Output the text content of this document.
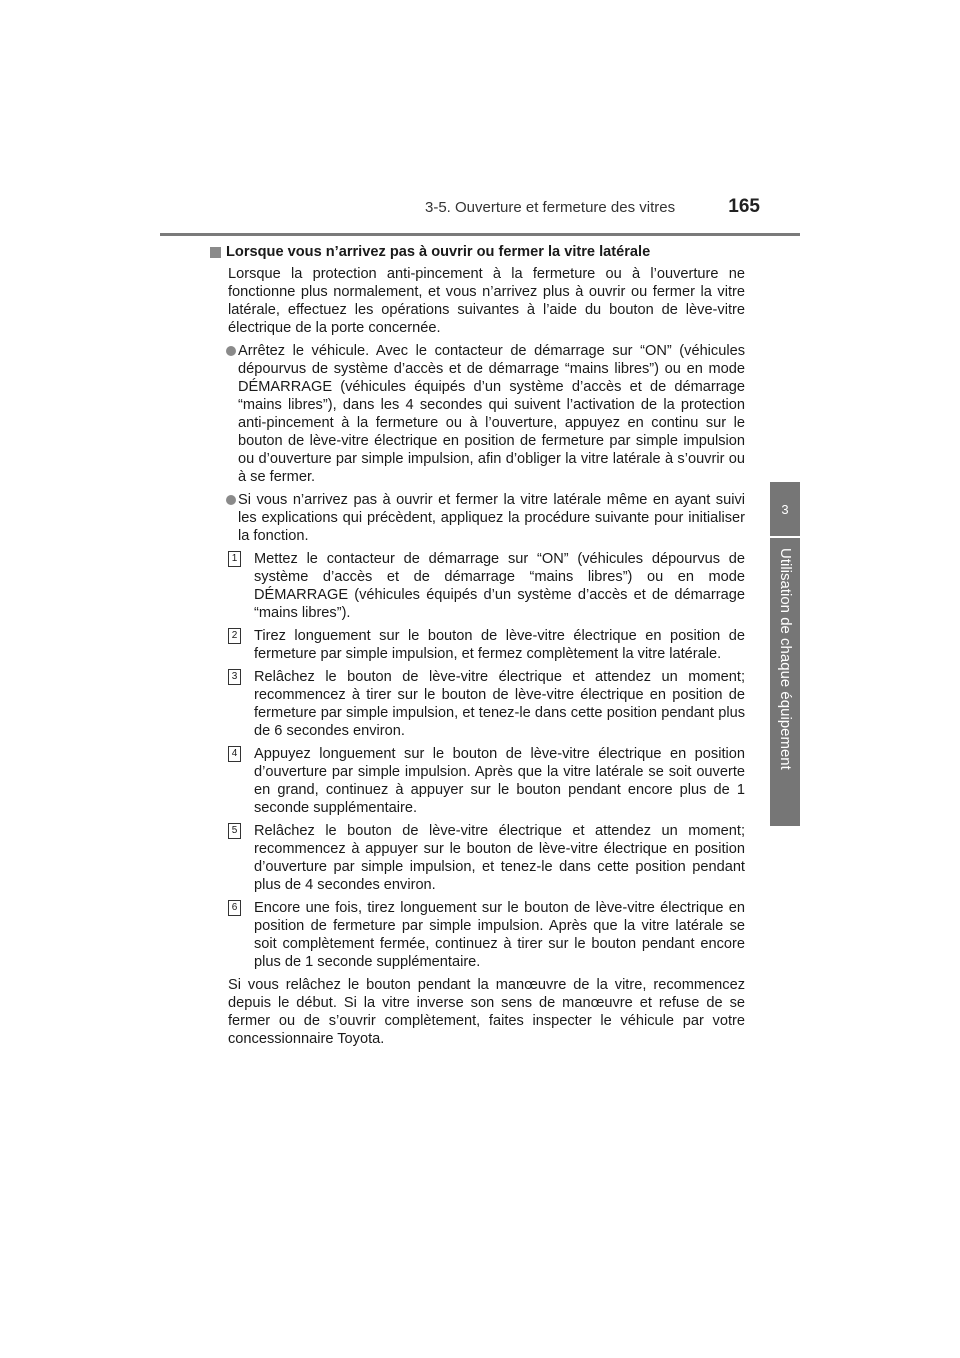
3-5. Ouverture et fermeture des vitres	165
3
Utilisation de chaque équipement
Lorsque vous n’arrivez pas à ouvrir ou fermer la vitre latérale

Lorsque la protection anti-pincement à la fermeture ou à l’ouverture ne fonctionne plus normalement, et vous n’arrivez plus à ouvrir ou fermer la vitre latérale, effectuez les opérations suivantes à l’aide du bouton de lève-vitre électrique de la porte concernée.

Arrêtez le véhicule. Avec le contacteur de démarrage sur “ON” (véhicules dépourvus de système d’accès et de démarrage “mains libres”) ou en mode DÉMARRAGE (véhicules équipés d’un système d’accès et de démarrage “mains libres”), dans les 4 secondes qui suivent l’activation de la protection anti-pincement à la fermeture ou à l’ouverture, appuyez en continu sur le bouton de lève-vitre électrique en position de fermeture par simple impulsion ou d’ouverture par simple impulsion, afin d’obliger la vitre latérale à s’ouvrir ou à se fermer.
Si vous n’arrivez pas à ouvrir et fermer la vitre latérale même en ayant suivi les explications qui précèdent, appliquez la procédure suivante pour initialiser la fonction.
1 Mettez le contacteur de démarrage sur “ON” (véhicules dépourvus de système d’accès et de démarrage “mains libres”) ou en mode DÉMARRAGE (véhicules équipés d’un système d’accès et de démarrage “mains libres”).
2 Tirez longuement sur le bouton de lève-vitre électrique en position de fermeture par simple impulsion, et fermez complètement la vitre latérale.
3 Relâchez le bouton de lève-vitre électrique et attendez un moment; recommencez à tirer sur le bouton de lève-vitre électrique en position de fermeture par simple impulsion, et tenez-le dans cette position pendant plus de 6 secondes environ.
4 Appuyez longuement sur le bouton de lève-vitre électrique en position d’ouverture par simple impulsion. Après que la vitre latérale se soit ouverte en grand, continuez à appuyer sur le bouton pendant encore plus de 1 seconde supplémentaire.
5 Relâchez le bouton de lève-vitre électrique et attendez un moment; recommencez à appuyer sur le bouton de lève-vitre électrique en position d’ouverture par simple impulsion, et tenez-le dans cette position pendant plus de 4 secondes environ.
6 Encore une fois, tirez longuement sur le bouton de lève-vitre électrique en position de fermeture par simple impulsion. Après que la vitre latérale se soit complètement fermée, continuez à tirer sur le bouton pendant encore plus de 1 seconde supplémentaire.

Si vous relâchez le bouton pendant la manœuvre de la vitre, recommencez depuis le début. Si la vitre inverse son sens de manœuvre et refuse de se fermer ou de s’ouvrir complètement, faites inspecter le véhicule par votre concessionnaire Toyota.
